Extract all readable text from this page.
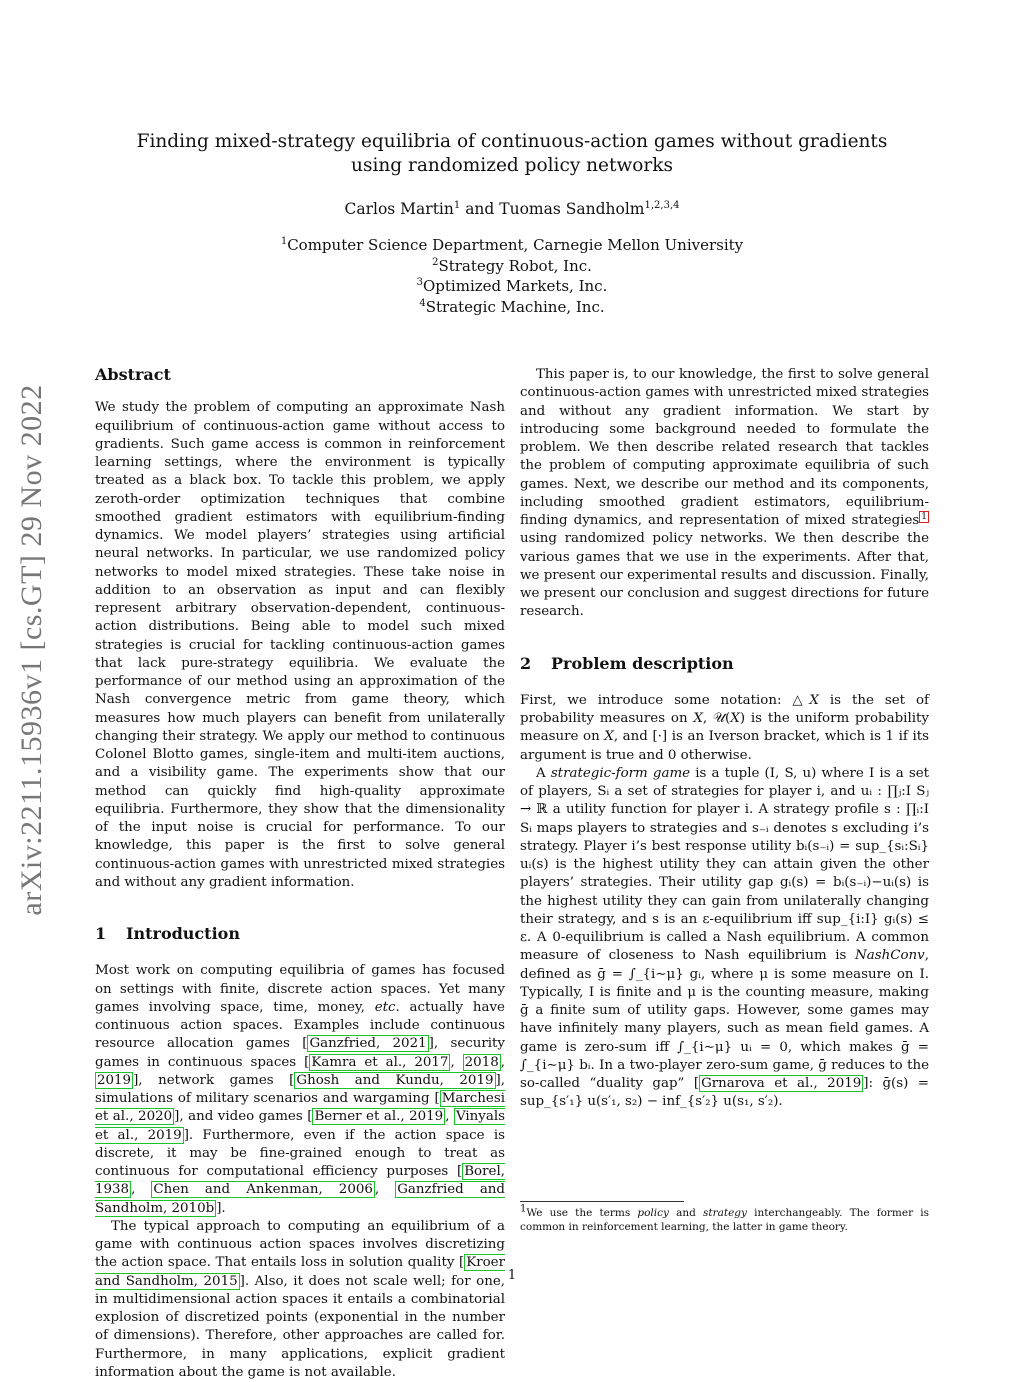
arXiv:2211.15936v1 [cs.GT] 29 Nov 2022
Finding mixed-strategy equilibria of continuous-action games without gradients using randomized policy networks
Carlos Martin$^1$ and Tuomas Sandholm$^{1,2,3,4}$
$^1$Computer Science Department, Carnegie Mellon University
$^2$Strategy Robot, Inc.
$^3$Optimized Markets, Inc.
$^4$Strategic Machine, Inc.
Abstract

We study the problem of computing an approximate Nash equilibrium of continuous-action game without access to gradients. Such game access is common in reinforcement learning settings, where the environment is typically treated as a black box. To tackle this problem, we apply zeroth-order optimization techniques that combine smoothed gradient estimators with equilibrium-finding dynamics. We model players’ strategies using artificial neural networks. In particular, we use randomized policy networks to model mixed strategies. These take noise in addition to an observation as input and can flexibly represent arbitrary observation-dependent, continuous-action distributions. Being able to model such mixed strategies is crucial for tackling continuous-action games that lack pure-strategy equilibria. We evaluate the performance of our method using an approximation of the Nash convergence metric from game theory, which measures how much players can benefit from unilaterally changing their strategy. We apply our method to continuous Colonel Blotto games, single-item and multi-item auctions, and a visibility game. The experiments show that our method can quickly find high-quality approximate equilibria. Furthermore, they show that the dimensionality of the input noise is crucial for performance. To our knowledge, this paper is the first to solve general continuous-action games with unrestricted mixed strategies and without any gradient information.

1 Introduction

Most work on computing equilibria of games has focused on settings with finite, discrete action spaces. Yet many games involving space, time, money, etc. actually have continuous action spaces. Examples include continuous resource allocation games [ Ganzfried, 2021 ], security games in continuous spaces [ Kamra et al., 2017 , 2018 , 2019 ], network games [ Ghosh and Kundu, 2019 ], simulations of military scenarios and wargaming [ Marchesi et al., 2020 ], and video games [ Berner et al., 2019 , Vinyals et al., 2019 ]. Furthermore, even if the action space is discrete, it may be fine-grained enough to treat as continuous for computational efficiency purposes [ Borel, 1938 , Chen and Ankenman, 2006 , Ganzfried and Sandholm, 2010b ].

The typical approach to computing an equilibrium of a game with continuous action spaces involves discretizing the action space. That entails loss in solution quality [ Kroer and Sandholm, 2015 ]. Also, it does not scale well; for one, in multidimensional action spaces it entails a combinatorial explosion of discretized points (exponential in the number of dimensions). Therefore, other approaches are called for. Furthermore, in many applications, explicit gradient information about the game is not available.

This paper is, to our knowledge, the first to solve general continuous-action games with unrestricted mixed strategies and without any gradient information. We start by introducing some background needed to formulate the problem. We then describe related research that tackles the problem of computing approximate equilibria of such games. Next, we describe our method and its components, including smoothed gradient estimators, equilibrium-finding dynamics, and representation of mixed strategies $^1$ using randomized policy networks. We then describe the various games that we use in the experiments. After that, we present our experimental results and discussion. Finally, we present our conclusion and suggest directions for future research.

2 Problem description

First, we introduce some notation: △X is the set of probability measures on X, 𝒰(X) is the uniform probability measure on X, and [·] is an Iverson bracket, which is 1 if its argument is true and 0 otherwise.

A strategic-form game is a tuple (I, S, u) where I is a set of players, Sᵢ a set of strategies for player i, and uᵢ : ∏ⱼ:I Sⱼ → ℝ a utility function for player i. A strategy profile s : ∏ᵢ:I Sᵢ maps players to strategies and s₋ᵢ denotes s excluding i’s strategy. Player i’s best response utility bᵢ(s₋ᵢ) = sup_{sᵢ:Sᵢ} uᵢ(s) is the highest utility they can attain given the other players’ strategies. Their utility gap gᵢ(s) = bᵢ(s₋ᵢ)−uᵢ(s) is the highest utility they can gain from unilaterally changing their strategy, and s is an ε-equilibrium iff sup_{i:I} gᵢ(s) ≤ ε. A 0-equilibrium is called a Nash equilibrium. A common measure of closeness to Nash equilibrium is NashConv, defined as ḡ = ∫_{i∼μ} gᵢ, where μ is some measure on I. Typically, I is finite and μ is the counting measure, making ḡ a finite sum of utility gaps. However, some games may have infinitely many players, such as mean field games. A game is zero-sum iff ∫_{i∼μ} uᵢ = 0, which makes ḡ = ∫_{i∼μ} bᵢ. In a two-player zero-sum game, ḡ reduces to the so-called “duality gap” [ Grnarova et al., 2019 ]: ḡ(s) = sup_{s′₁} u(s′₁, s₂) − inf_{s′₂} u(s₁, s′₂).

$^1$We use the terms policy and strategy interchangeably. The former is common in reinforcement learning, the latter in game theory.
1
